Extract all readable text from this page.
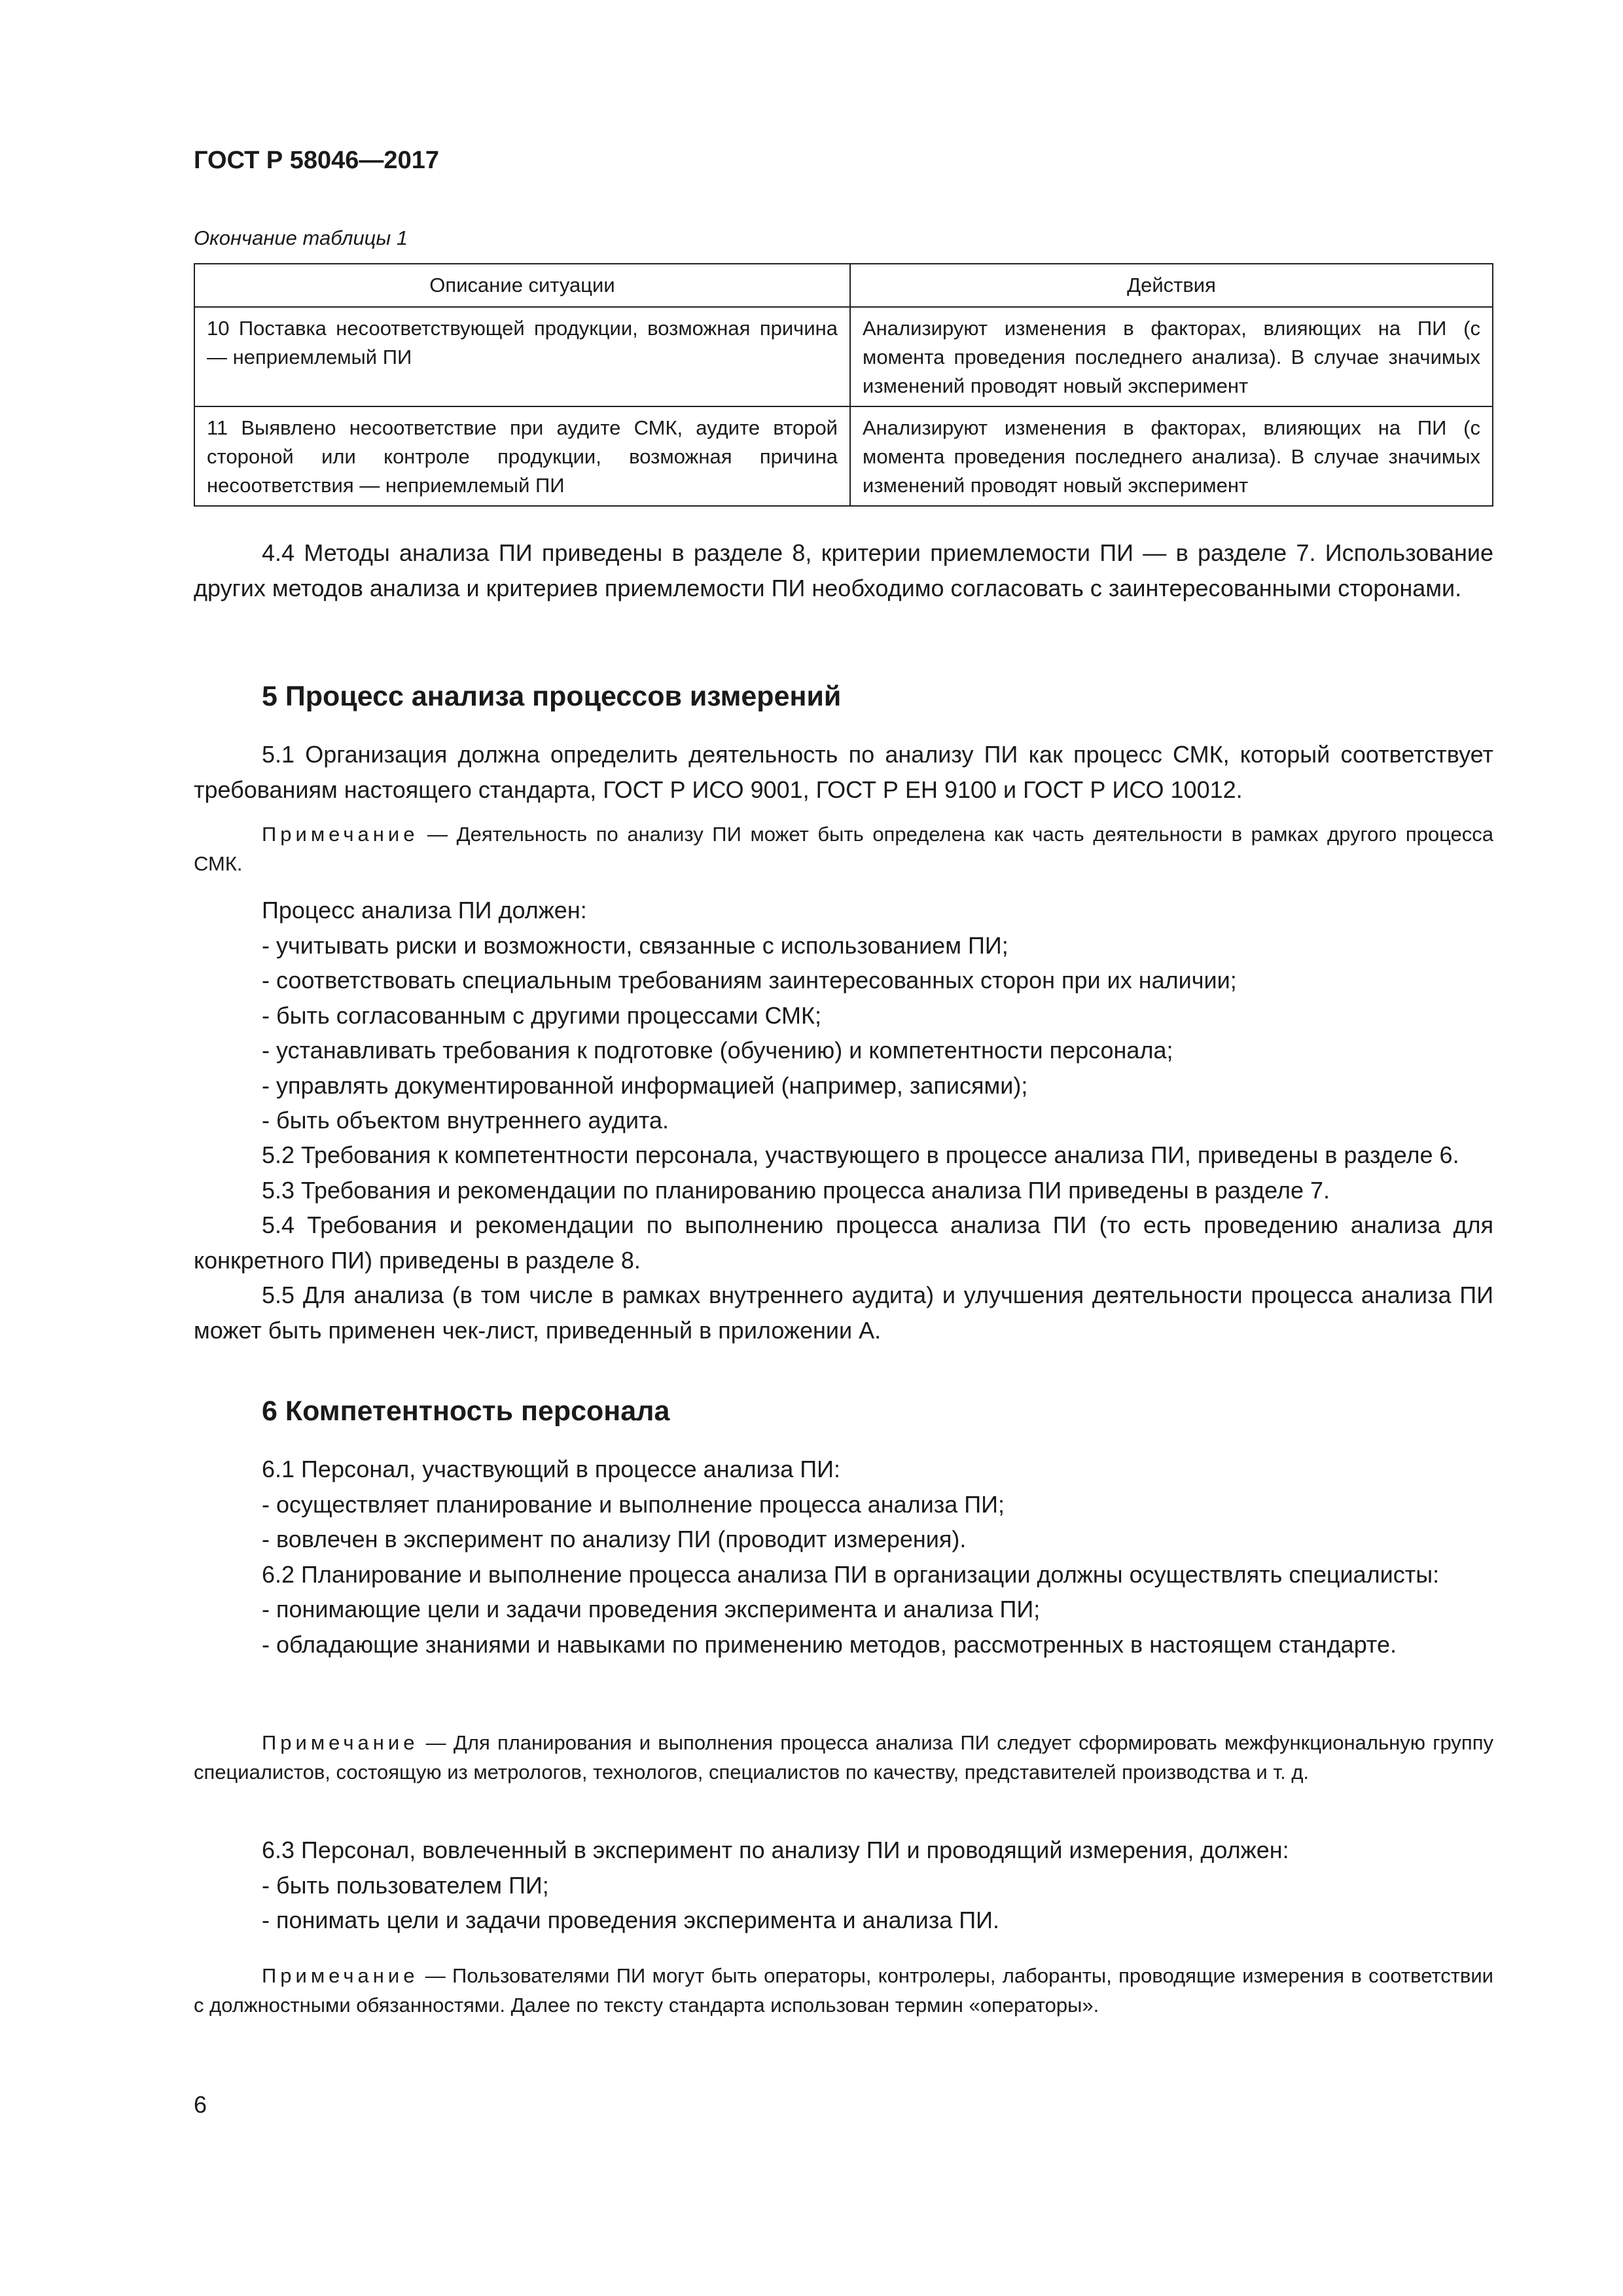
ГОСТ Р 58046—2017
Окончание таблицы 1
Описание ситуации	Действия
10 Поставка несоответствующей продукции, возможная причина — неприемлемый ПИ	Анализируют изменения в факторах, влияющих на ПИ (с момента проведения последнего анализа). В случае значимых изменений проводят новый эксперимент
11 Выявлено несоответствие при аудите СМК, аудите второй стороной или контроле продукции, возможная причина несоответствия — неприемлемый ПИ	Анализируют изменения в факторах, влияющих на ПИ (с момента проведения последнего анализа). В случае значимых изменений проводят новый эксперимент

4.4 Методы анализа ПИ приведены в разделе 8, критерии приемлемости ПИ — в разделе 7. Использование других методов анализа и критериев приемлемости ПИ необходимо согласовать с заинтересованными сторонами.

5 Процесс анализа процессов измерений

5.1 Организация должна определить деятельность по анализу ПИ как процесс СМК, который соответствует требованиям настоящего стандарта, ГОСТ Р ИСО 9001, ГОСТ Р ЕН 9100 и ГОСТ Р ИСО 10012.

Примечание — Деятельность по анализу ПИ может быть определена как часть деятельности в рамках другого процесса СМК.

Процесс анализа ПИ должен:
- учитывать риски и возможности, связанные с использованием ПИ;
- соответствовать специальным требованиям заинтересованных сторон при их наличии;
- быть согласованным с другими процессами СМК;
- устанавливать требования к подготовке (обучению) и компетентности персонала;
- управлять документированной информацией (например, записями);
- быть объектом внутреннего аудита.
5.2 Требования к компетентности персонала, участвующего в процессе анализа ПИ, приведены в разделе 6.
5.3 Требования и рекомендации по планированию процесса анализа ПИ приведены в разделе 7.
5.4 Требования и рекомендации по выполнению процесса анализа ПИ (то есть проведению анализа для конкретного ПИ) приведены в разделе 8.
5.5 Для анализа (в том числе в рамках внутреннего аудита) и улучшения деятельности процесса анализа ПИ может быть применен чек-лист, приведенный в приложении А.
6 Компетентность персонала
6.1 Персонал, участвующий в процессе анализа ПИ:
- осуществляет планирование и выполнение процесса анализа ПИ;
- вовлечен в эксперимент по анализу ПИ (проводит измерения).
6.2 Планирование и выполнение процесса анализа ПИ в организации должны осуществлять специалисты:
- понимающие цели и задачи проведения эксперимента и анализа ПИ;
- обладающие знаниями и навыками по применению методов, рассмотренных в настоящем стандарте.

Примечание — Для планирования и выполнения процесса анализа ПИ следует сформировать межфункциональную группу специалистов, состоящую из метрологов, технологов, специалистов по качеству, представителей производства и т. д.

6.3 Персонал, вовлеченный в эксперимент по анализу ПИ и проводящий измерения, должен:
- быть пользователем ПИ;
- понимать цели и задачи проведения эксперимента и анализа ПИ.

Примечание — Пользователями ПИ могут быть операторы, контролеры, лаборанты, проводящие измерения в соответствии с должностными обязанностями. Далее по тексту стандарта использован термин «операторы».

6
